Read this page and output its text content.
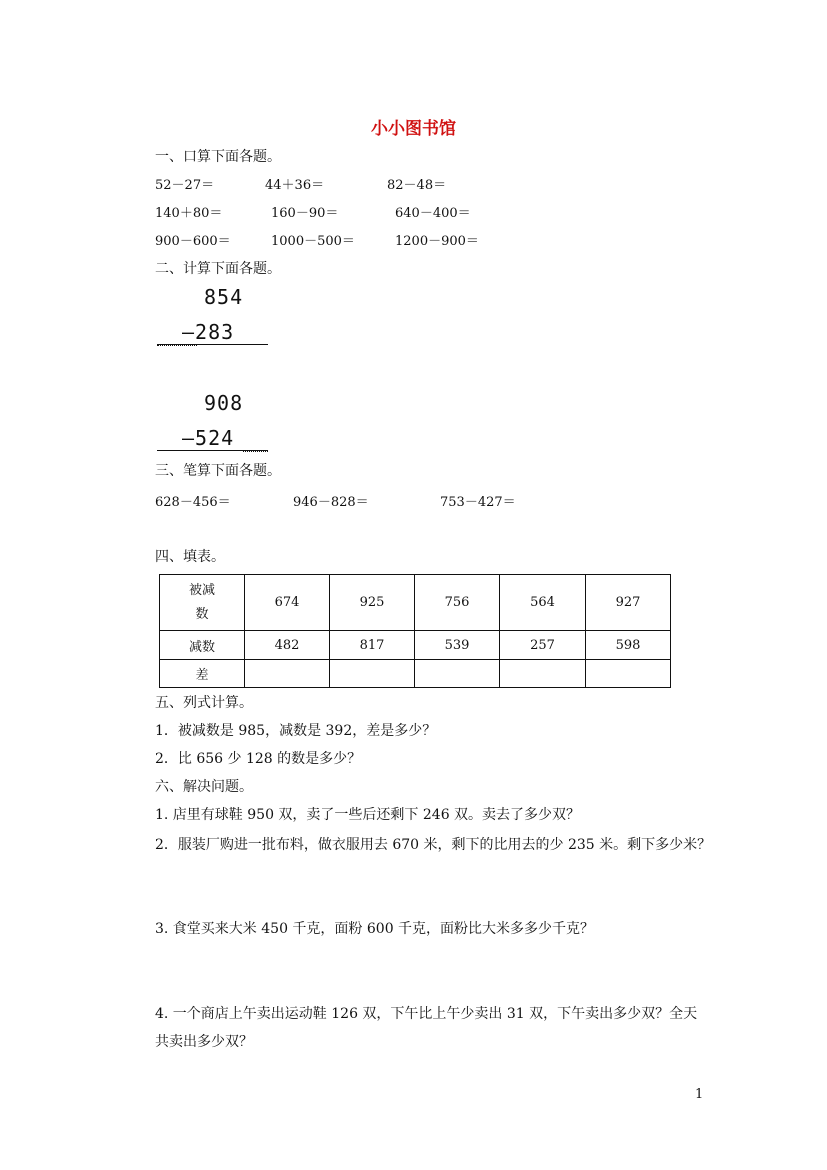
小小图书馆
一、口算下面各题。
52－27＝	44＋36＝	82－48＝
140＋80＝	160－90＝	640－400＝
900－600＝	1000－500＝	1200－900＝
二、计算下面各题。
854
—283
908
—524
三、笔算下面各题。
628－456＝	946－828＝	753－427＝
四、填表。
被减
数	674	925	756	564	927
减数	482	817	539	257	598
差					
五、列式计算。
1．被减数是 985，减数是 392，差是多少？
2．比 656 少 128 的数是多少？
六、解决问题。
1. 店里有球鞋 950 双，卖了一些后还剩下 246 双。卖去了多少双？
2．服装厂购进一批布料，做衣服用去 670 米，剩下的比用去的少 235 米。剩下多少米？
3. 食堂买来大米 450 千克，面粉 600 千克，面粉比大米多多少千克？
4. 一个商店上午卖出运动鞋 126 双，下午比上午少卖出 31 双，下午卖出多少双？全天
共卖出多少双？
1
